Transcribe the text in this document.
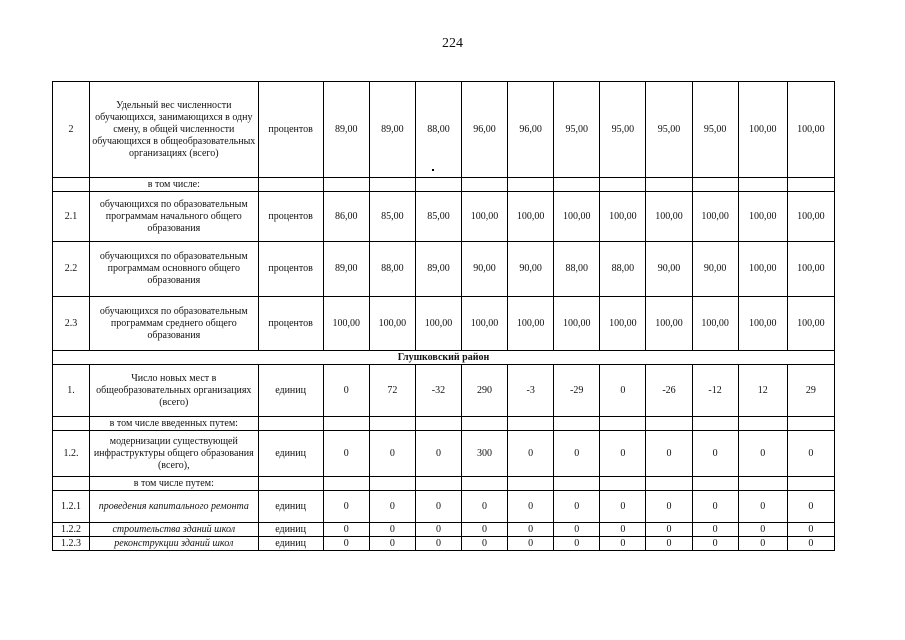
224
2	Удельный вес численности обучающихся, занимающихся в одну смену, в общей численности обучающихся в общеобразовательных организациях (всего)	процентов	89,00	89,00	88,00	96,00	96,00	95,00	95,00	95,00	95,00	100,00	100,00
	в том числе:												
2.1	обучающихся по образовательным программам начального общего образования	процентов	86,00	85,00	85,00	100,00	100,00	100,00	100,00	100,00	100,00	100,00	100,00
2.2	обучающихся по образовательным программам основного общего образования	процентов	89,00	88,00	89,00	90,00	90,00	88,00	88,00	90,00	90,00	100,00	100,00
2.3	обучающихся по образовательным программам среднего общего образования	процентов	100,00	100,00	100,00	100,00	100,00	100,00	100,00	100,00	100,00	100,00	100,00
Глушковский район													
1.	Число новых мест в общеобразовательных организациях (всего)	единиц	0	72	-32	290	-3	-29	0	-26	-12	12	29
	в том числе введенных путем:												
1.2.	модернизации существующей инфраструктуры общего образования (всего),	единиц	0	0	0	300	0	0	0	0	0	0	0
	в том числе путем:												
1.2.1	проведения капитального ремонта	единиц	0	0	0	0	0	0	0	0	0	0	0
1.2.2	строительства зданий школ	единиц	0	0	0	0	0	0	0	0	0	0	0
1.2.3	реконструкции зданий школ	единиц	0	0	0	0	0	0	0	0	0	0	0
